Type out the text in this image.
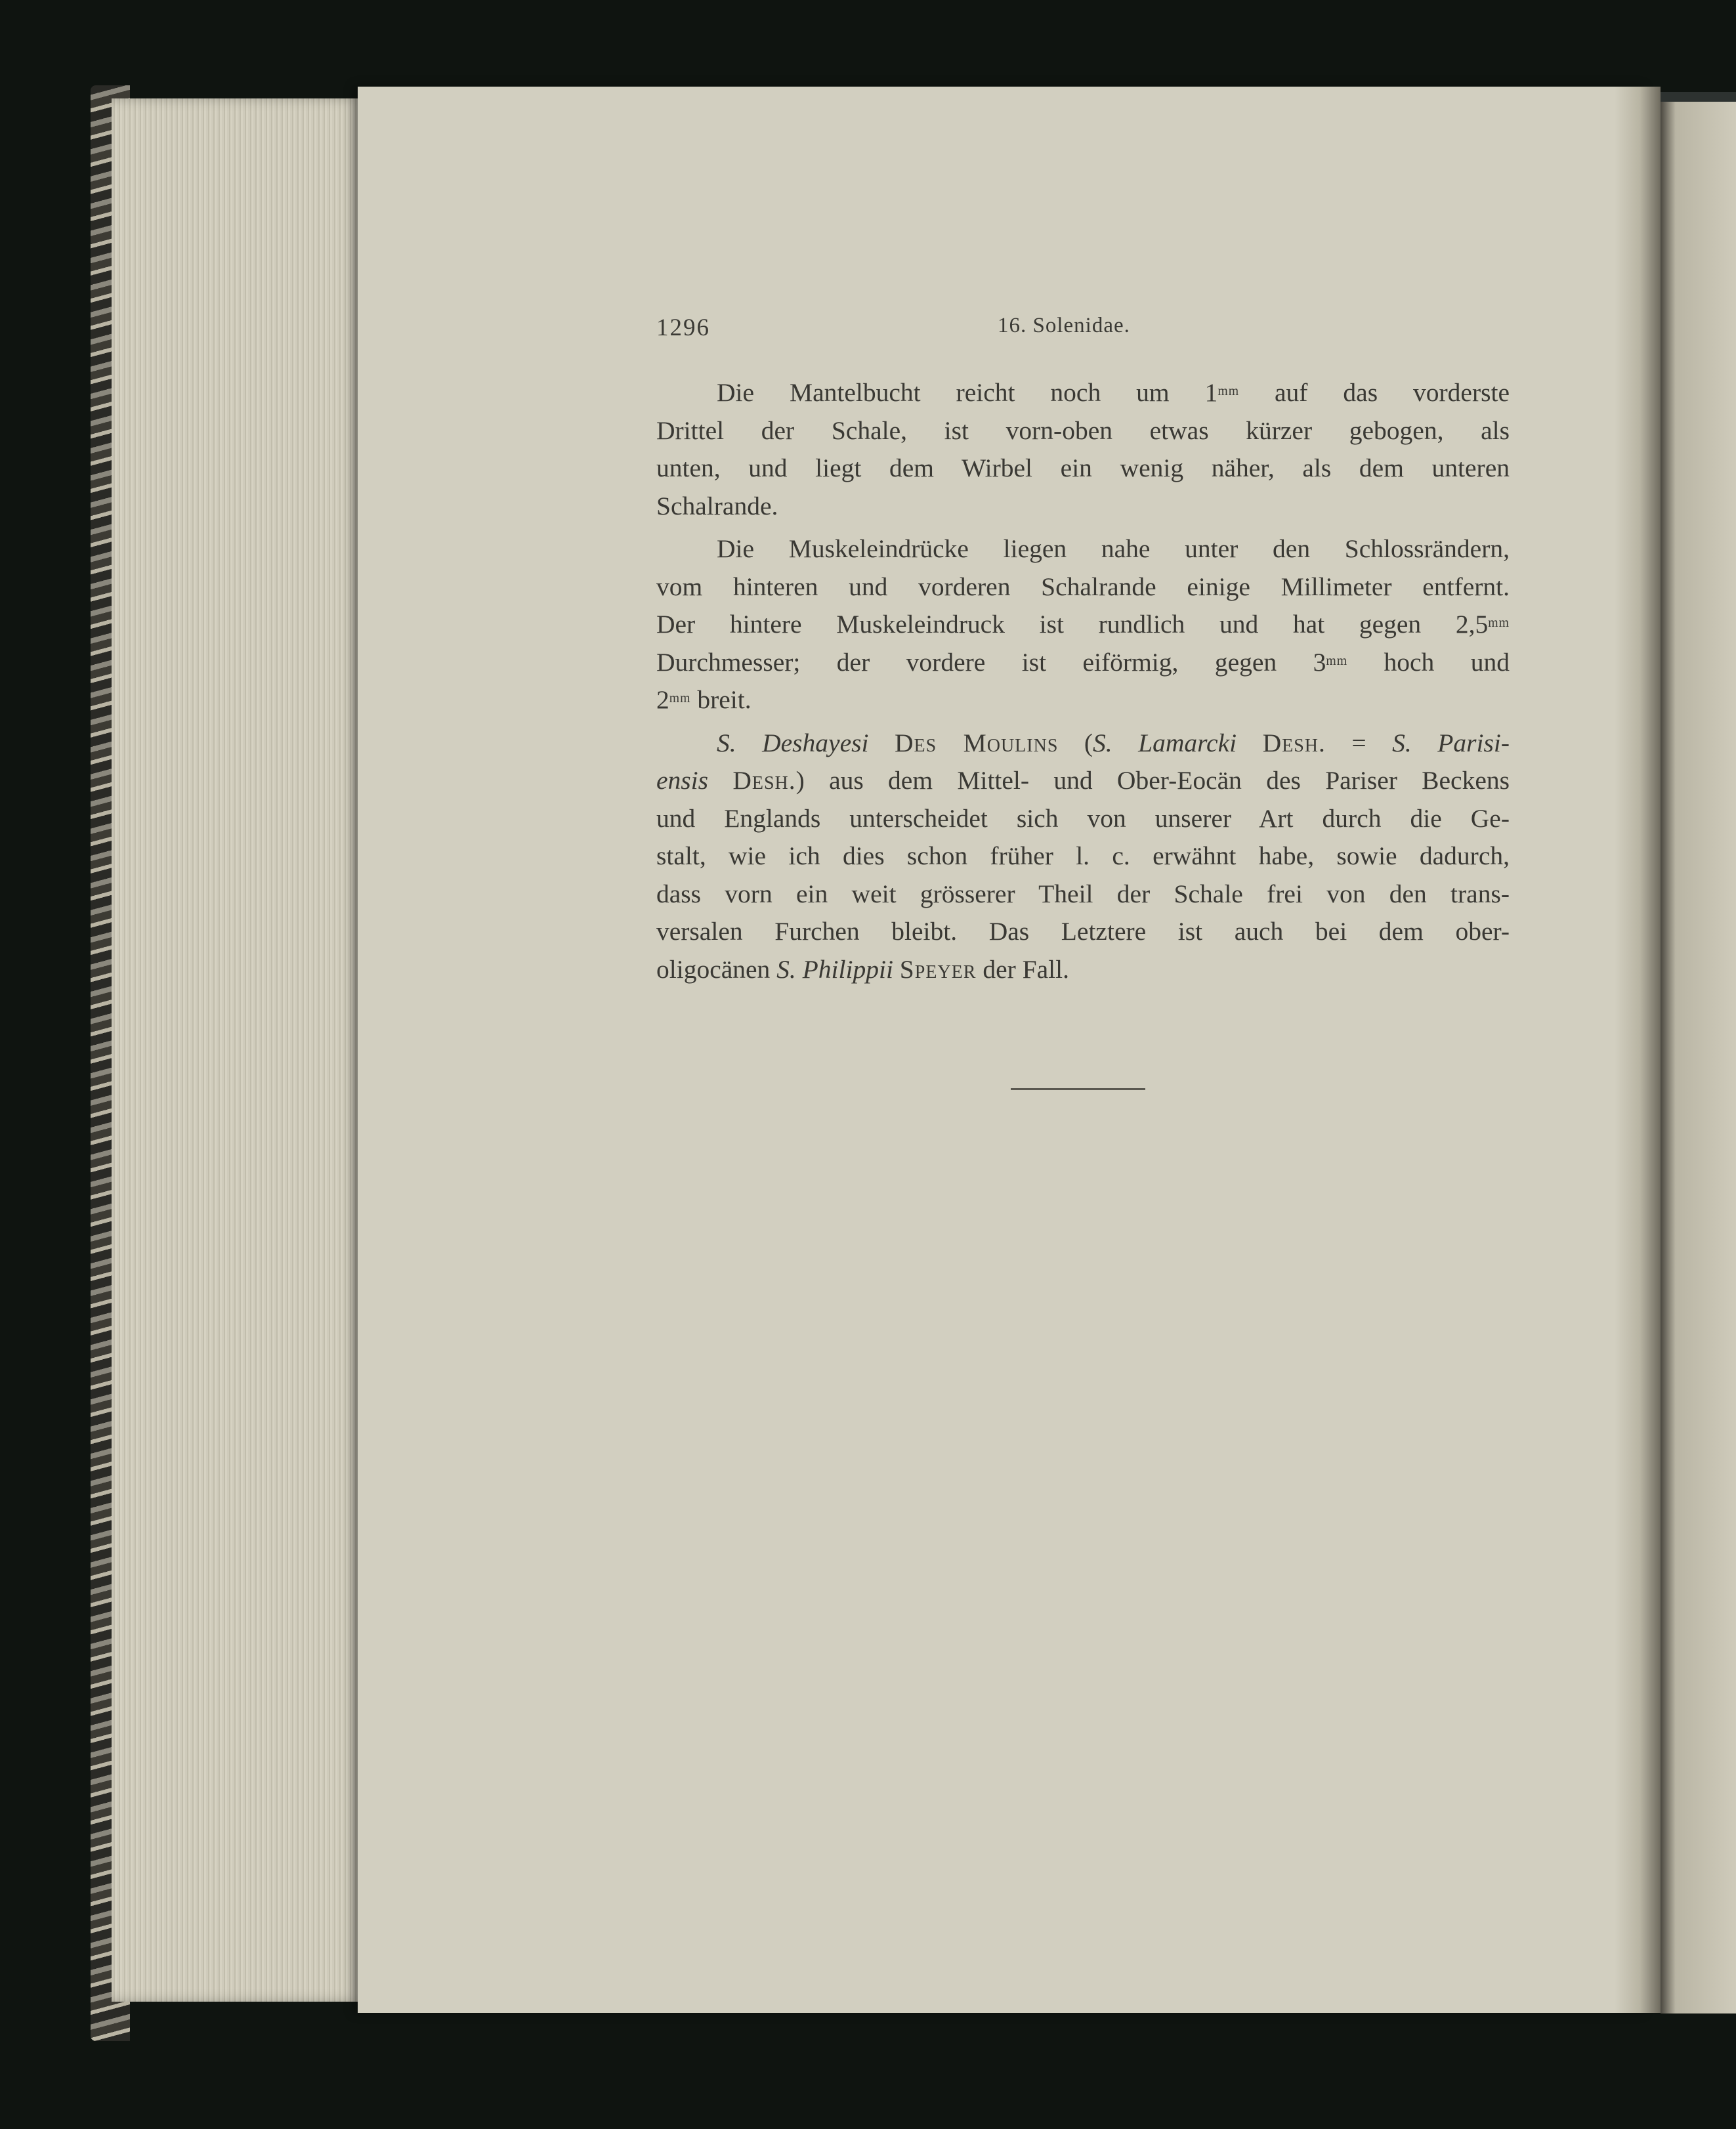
1296	16. Solenidae.
Die Mantelbucht reicht noch um $1^{mm}$ auf das vorderste
Drittel der Schale, ist vorn-oben etwas kürzer gebogen, als
unten, und liegt dem Wirbel ein wenig näher, als dem unteren
Schalrande.
Die Muskeleindrücke liegen nahe unter den Schlossrändern,
vom hinteren und vorderen Schalrande einige Millimeter entfernt.
Der hintere Muskeleindruck ist rundlich und hat gegen $2,5^{mm}$
Durchmesser; der vordere ist eiförmig, gegen $3^{mm}$ hoch und
$2^{mm}$ breit.
S. Deshayesi Des Moulins (S. Lamarcki Desh. = S. Parisi-
ensis Desh.) aus dem Mittel- und Ober-Eocän des Pariser Beckens
und Englands unterscheidet sich von unserer Art durch die Ge-
stalt, wie ich dies schon früher l. c. erwähnt habe, sowie dadurch,
dass vorn ein weit grösserer Theil der Schale frei von den trans-
versalen Furchen bleibt. Das Letztere ist auch bei dem ober-
oligocänen S. Philippii Speyer der Fall.
